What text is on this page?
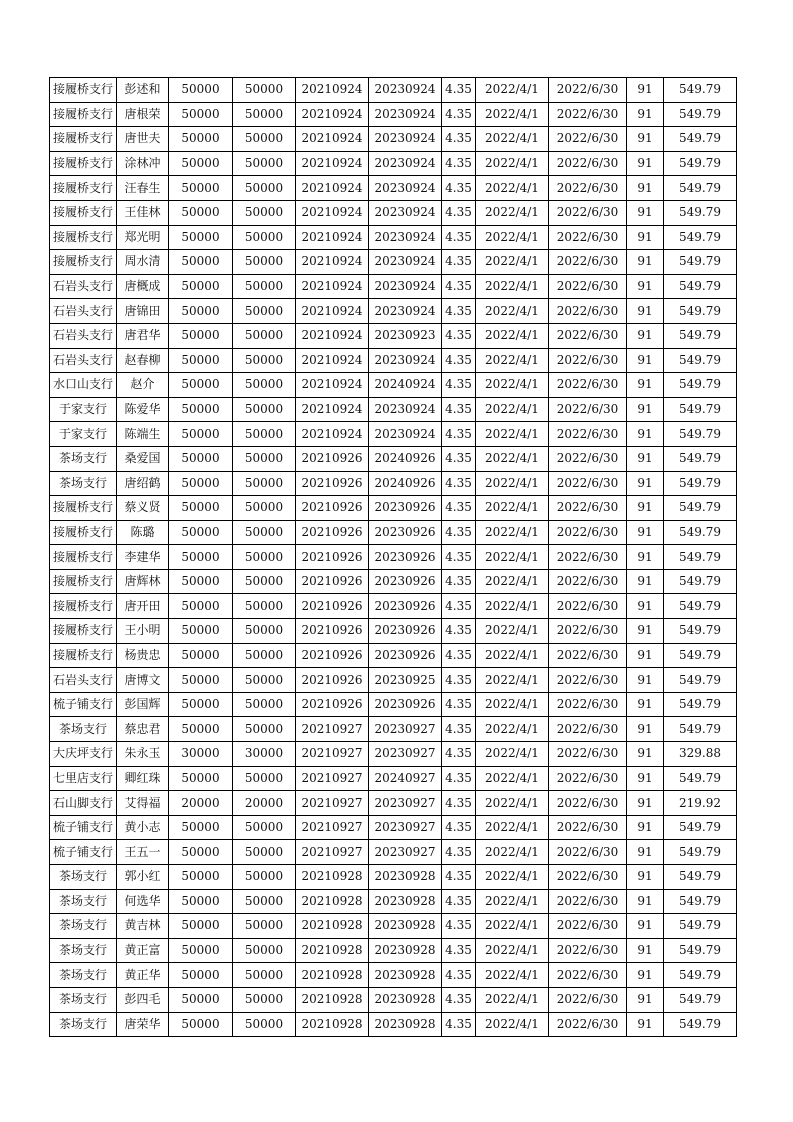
接履桥支行	彭述和	50000	50000	20210924	20230924	4.35	2022/4/1	2022/6/30	91	549.79
接履桥支行	唐根荣	50000	50000	20210924	20230924	4.35	2022/4/1	2022/6/30	91	549.79
接履桥支行	唐世夫	50000	50000	20210924	20230924	4.35	2022/4/1	2022/6/30	91	549.79
接履桥支行	涂林冲	50000	50000	20210924	20230924	4.35	2022/4/1	2022/6/30	91	549.79
接履桥支行	汪春生	50000	50000	20210924	20230924	4.35	2022/4/1	2022/6/30	91	549.79
接履桥支行	王佳林	50000	50000	20210924	20230924	4.35	2022/4/1	2022/6/30	91	549.79
接履桥支行	郑光明	50000	50000	20210924	20230924	4.35	2022/4/1	2022/6/30	91	549.79
接履桥支行	周水清	50000	50000	20210924	20230924	4.35	2022/4/1	2022/6/30	91	549.79
石岩头支行	唐概成	50000	50000	20210924	20230924	4.35	2022/4/1	2022/6/30	91	549.79
石岩头支行	唐锦田	50000	50000	20210924	20230924	4.35	2022/4/1	2022/6/30	91	549.79
石岩头支行	唐君华	50000	50000	20210924	20230923	4.35	2022/4/1	2022/6/30	91	549.79
石岩头支行	赵春柳	50000	50000	20210924	20230924	4.35	2022/4/1	2022/6/30	91	549.79
水口山支行	赵介	50000	50000	20210924	20240924	4.35	2022/4/1	2022/6/30	91	549.79
于家支行	陈爱华	50000	50000	20210924	20230924	4.35	2022/4/1	2022/6/30	91	549.79
于家支行	陈端生	50000	50000	20210924	20230924	4.35	2022/4/1	2022/6/30	91	549.79
茶场支行	桑爱国	50000	50000	20210926	20240926	4.35	2022/4/1	2022/6/30	91	549.79
茶场支行	唐绍鹤	50000	50000	20210926	20240926	4.35	2022/4/1	2022/6/30	91	549.79
接履桥支行	蔡义贤	50000	50000	20210926	20230926	4.35	2022/4/1	2022/6/30	91	549.79
接履桥支行	陈璐	50000	50000	20210926	20230926	4.35	2022/4/1	2022/6/30	91	549.79
接履桥支行	李建华	50000	50000	20210926	20230926	4.35	2022/4/1	2022/6/30	91	549.79
接履桥支行	唐辉林	50000	50000	20210926	20230926	4.35	2022/4/1	2022/6/30	91	549.79
接履桥支行	唐开田	50000	50000	20210926	20230926	4.35	2022/4/1	2022/6/30	91	549.79
接履桥支行	王小明	50000	50000	20210926	20230926	4.35	2022/4/1	2022/6/30	91	549.79
接履桥支行	杨贵忠	50000	50000	20210926	20230926	4.35	2022/4/1	2022/6/30	91	549.79
石岩头支行	唐博文	50000	50000	20210926	20230925	4.35	2022/4/1	2022/6/30	91	549.79
梳子铺支行	彭国辉	50000	50000	20210926	20230926	4.35	2022/4/1	2022/6/30	91	549.79
茶场支行	蔡忠君	50000	50000	20210927	20230927	4.35	2022/4/1	2022/6/30	91	549.79
大庆坪支行	朱永玉	30000	30000	20210927	20230927	4.35	2022/4/1	2022/6/30	91	329.88
七里店支行	卿红珠	50000	50000	20210927	20240927	4.35	2022/4/1	2022/6/30	91	549.79
石山脚支行	艾得福	20000	20000	20210927	20230927	4.35	2022/4/1	2022/6/30	91	219.92
梳子铺支行	黄小志	50000	50000	20210927	20230927	4.35	2022/4/1	2022/6/30	91	549.79
梳子铺支行	王五一	50000	50000	20210927	20230927	4.35	2022/4/1	2022/6/30	91	549.79
茶场支行	郭小红	50000	50000	20210928	20230928	4.35	2022/4/1	2022/6/30	91	549.79
茶场支行	何选华	50000	50000	20210928	20230928	4.35	2022/4/1	2022/6/30	91	549.79
茶场支行	黄吉林	50000	50000	20210928	20230928	4.35	2022/4/1	2022/6/30	91	549.79
茶场支行	黄正富	50000	50000	20210928	20230928	4.35	2022/4/1	2022/6/30	91	549.79
茶场支行	黄正华	50000	50000	20210928	20230928	4.35	2022/4/1	2022/6/30	91	549.79
茶场支行	彭四毛	50000	50000	20210928	20230928	4.35	2022/4/1	2022/6/30	91	549.79
茶场支行	唐荣华	50000	50000	20210928	20230928	4.35	2022/4/1	2022/6/30	91	549.79
